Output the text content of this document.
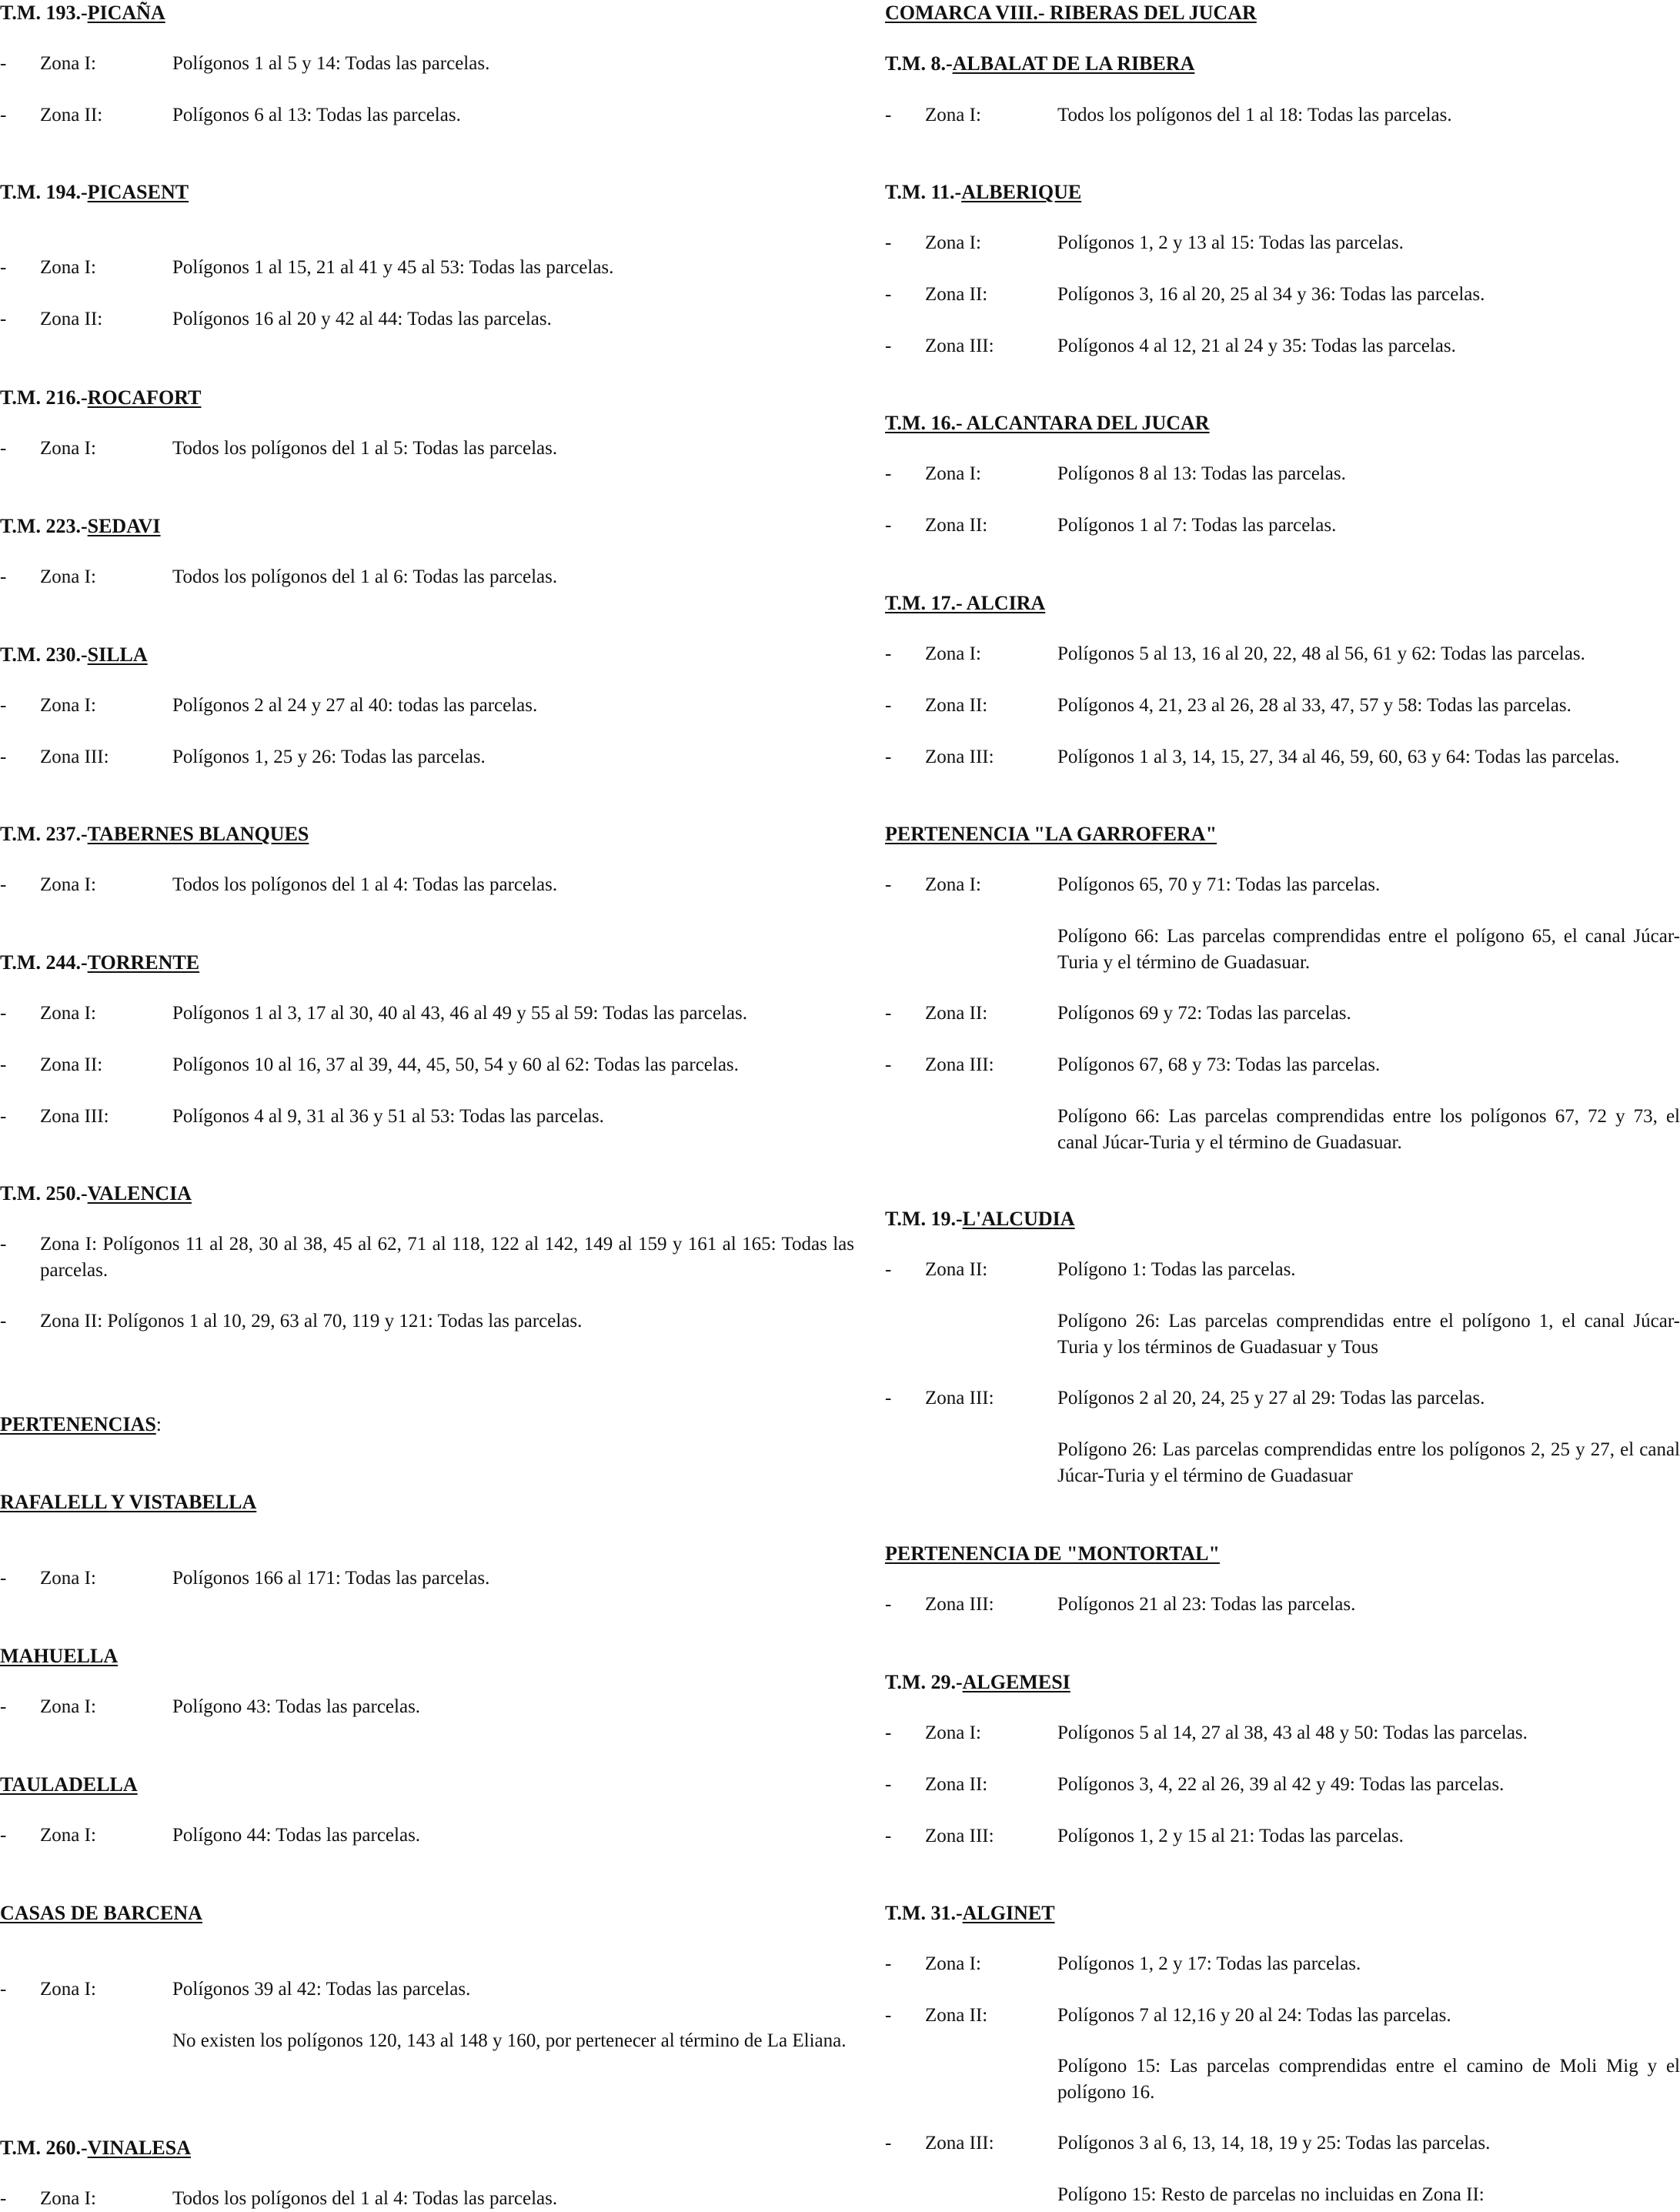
T.M. 193.-PICAÑA
- Zona I:	Polígonos 1 al 5 y 14: Todas las parcelas.
- Zona II:	Polígonos 6 al 13: Todas las parcelas.
T.M. 194.-PICASENT
- Zona I:	Polígonos 1 al 15, 21 al 41 y 45 al 53: Todas las parcelas.
- Zona II:	Polígonos 16 al 20 y 42 al 44: Todas las parcelas.
T.M. 216.-ROCAFORT
- Zona I:	Todos los polígonos del 1 al 5: Todas las parcelas.
T.M. 223.-SEDAVI
- Zona I:	Todos los polígonos del 1 al 6: Todas las parcelas.
T.M. 230.-SILLA
- Zona I:	Polígonos 2 al 24 y 27 al 40: todas las parcelas.
- Zona III:	Polígonos 1, 25 y 26: Todas las parcelas.
T.M. 237.-TABERNES BLANQUES
- Zona I:	Todos los polígonos del 1 al 4: Todas las parcelas.
T.M. 244.-TORRENTE
- Zona I:	Polígonos 1 al 3, 17 al 30, 40 al 43, 46 al 49 y 55 al 59: Todas las parcelas.
- Zona II:	Polígonos 10 al 16, 37 al 39, 44, 45, 50, 54 y 60 al 62: Todas las parcelas.
- Zona III:	Polígonos 4 al 9, 31 al 36 y 51 al 53: Todas las parcelas.
T.M. 250.-VALENCIA
- Zona I: Polígonos 11 al 28, 30 al 38, 45 al 62, 71 al 118, 122 al 142, 149 al 159 y 161 al 165: Todas las parcelas.
- Zona II: Polígonos 1 al 10, 29, 63 al 70, 119 y 121: Todas las parcelas.
PERTENENCIAS:
RAFALELL Y VISTABELLA
- Zona I:	Polígonos 166 al 171: Todas las parcelas.
MAHUELLA
- Zona I:	Polígono 43: Todas las parcelas.
TAULADELLA
- Zona I:	Polígono 44: Todas las parcelas.
CASAS DE BARCENA
- Zona I:	Polígonos 39 al 42: Todas las parcelas.
No existen los polígonos 120, 143 al 148 y 160, por pertenecer al término de La Eliana.
T.M. 260.-VINALESA
- Zona I:	Todos los polígonos del 1 al 4: Todas las parcelas.
COMARCA VIII.- RIBERAS DEL JUCAR
T.M. 8.-ALBALAT DE LA RIBERA
- Zona I:	Todos los polígonos del 1 al 18: Todas las parcelas.
T.M. 11.-ALBERIQUE
- Zona I:	Polígonos 1, 2 y 13 al 15: Todas las parcelas.
- Zona II:	Polígonos 3, 16 al 20, 25 al 34 y 36: Todas las parcelas.
- Zona III:	Polígonos 4 al 12, 21 al 24 y 35: Todas las parcelas.
T.M. 16.- ALCANTARA DEL JUCAR
- Zona I:	Polígonos 8 al 13: Todas las parcelas.
- Zona II:	Polígonos 1 al 7: Todas las parcelas.
T.M. 17.- ALCIRA
- Zona I:	Polígonos 5 al 13, 16 al 20, 22, 48 al 56, 61 y 62: Todas las parcelas.
- Zona II:	Polígonos 4, 21, 23 al 26, 28 al 33, 47, 57 y 58: Todas las parcelas.
- Zona III:	Polígonos 1 al 3, 14, 15, 27, 34 al 46, 59, 60, 63 y 64: Todas las parcelas.
PERTENENCIA "LA GARROFERA"
- Zona I:	Polígonos 65, 70 y 71: Todas las parcelas.
Polígono 66: Las parcelas comprendidas entre el polígono 65, el canal Júcar-Turia y el término de Guadasuar.
- Zona II:	Polígonos 69 y 72: Todas las parcelas.
- Zona III:	Polígonos 67, 68 y 73: Todas las parcelas.
Polígono 66: Las parcelas comprendidas entre los polígonos 67, 72 y 73, el canal Júcar-Turia y el término de Guadasuar.
T.M. 19.-L'ALCUDIA
- Zona II:	Polígono 1: Todas las parcelas.
Polígono 26: Las parcelas comprendidas entre el polígono 1, el canal Júcar-Turia y los términos de Guadasuar y Tous
- Zona III:	Polígonos 2 al 20, 24, 25 y 27 al 29: Todas las parcelas.
Polígono 26: Las parcelas comprendidas entre los polígonos 2, 25 y 27, el canal Júcar-Turia y el término de Guadasuar
PERTENENCIA DE "MONTORTAL"
- Zona III:	Polígonos 21 al 23: Todas las parcelas.
T.M. 29.-ALGEMESI
- Zona I:	Polígonos 5 al 14, 27 al 38, 43 al 48 y 50: Todas las parcelas.
- Zona II:	Polígonos 3, 4, 22 al 26, 39 al 42 y 49: Todas las parcelas.
- Zona III:	Polígonos 1, 2 y 15 al 21: Todas las parcelas.
T.M. 31.-ALGINET
- Zona I:	Polígonos 1, 2 y 17: Todas las parcelas.
- Zona II:	Polígonos 7 al 12,16 y 20 al 24: Todas las parcelas.
Polígono 15: Las parcelas comprendidas entre el camino de Moli Mig y el polígono 16.
- Zona III:	Polígonos 3 al 6, 13, 14, 18, 19 y 25: Todas las parcelas.
Polígono 15: Resto de parcelas no incluidas en Zona II:
